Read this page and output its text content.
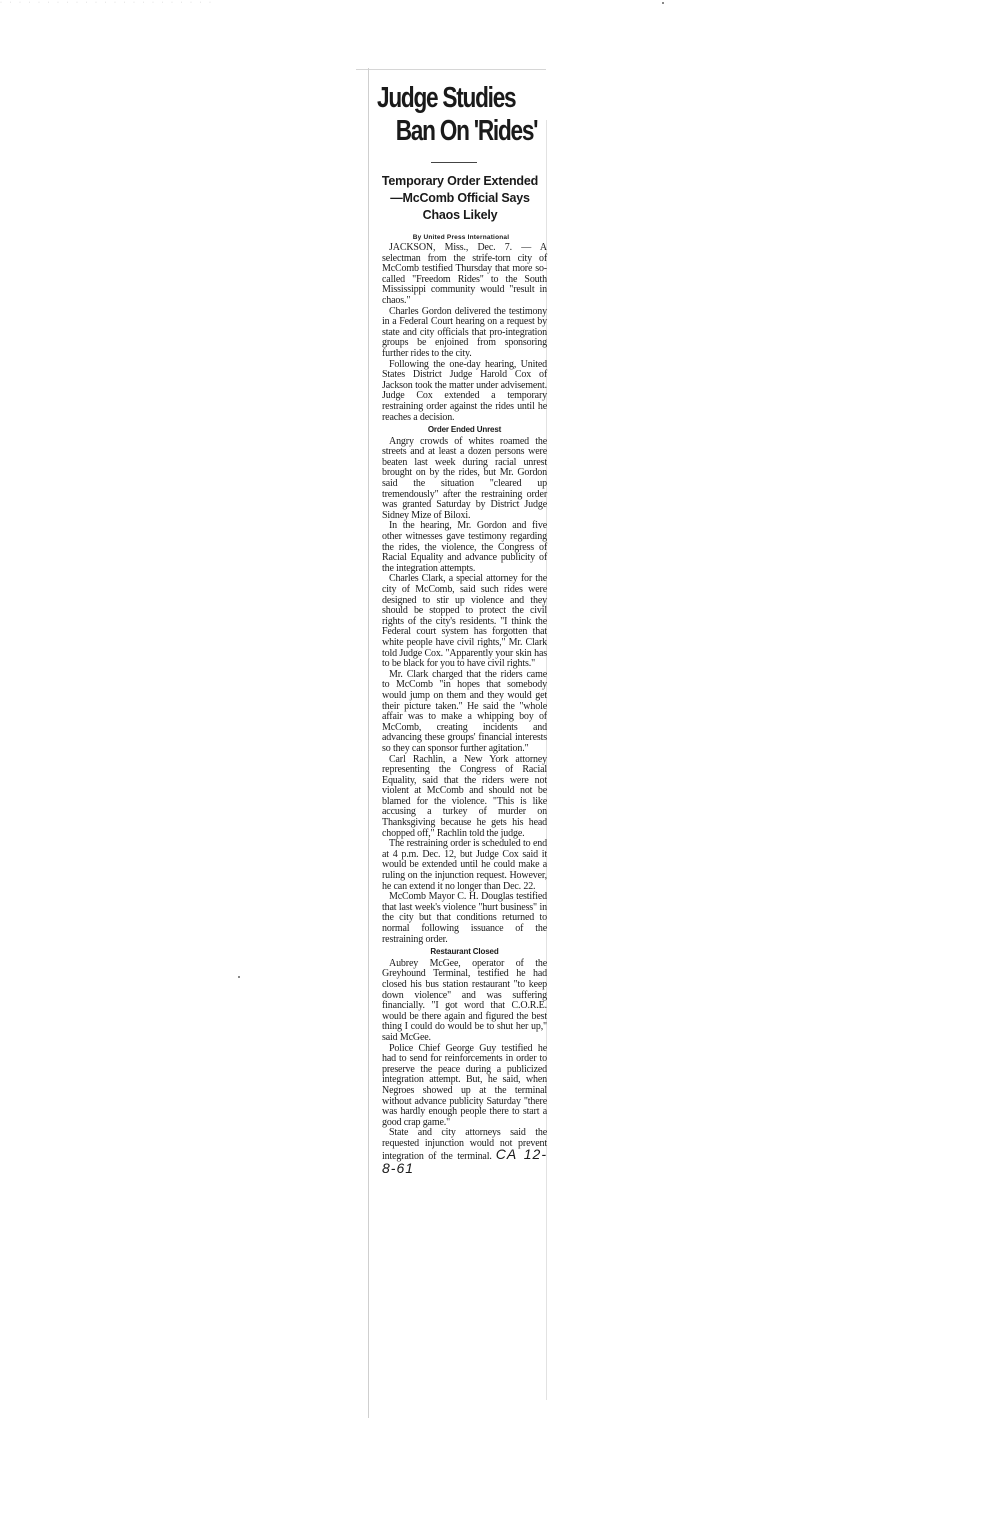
· · · · · · · · · · · · · · · · · · · · · · ·
Judge Studies
Ban On 'Rides'
Temporary Order Extended —McComb Official Says Chaos Likely
By United Press International

JACKSON, Miss., Dec. 7. — A selectman from the strife-torn city of McComb testified Thursday that more so-called "Freedom Rides" to the South Mississippi community would "result in chaos."

Charles Gordon delivered the testimony in a Federal Court hearing on a request by state and city officials that pro-integration groups be enjoined from sponsoring further rides to the city.

Following the one-day hearing, United States District Judge Harold Cox of Jackson took the matter under advisement. Judge Cox extended a temporary restraining order against the rides until he reaches a decision.

Order Ended Unrest

Angry crowds of whites roamed the streets and at least a dozen persons were beaten last week during racial unrest brought on by the rides, but Mr. Gordon said the situation "cleared up tremendously" after the restraining order was granted Saturday by District Judge Sidney Mize of Biloxi.

In the hearing, Mr. Gordon and five other witnesses gave testimony regarding the rides, the violence, the Congress of Racial Equality and advance publicity of the integration attempts.

Charles Clark, a special attorney for the city of McComb, said such rides were designed to stir up violence and they should be stopped to protect the civil rights of the city's residents. "I think the Federal court system has forgotten that white people have civil rights," Mr. Clark told Judge Cox. "Apparently your skin has to be black for you to have civil rights."

Mr. Clark charged that the riders came to McComb "in hopes that somebody would jump on them and they would get their picture taken." He said the "whole affair was to make a whipping boy of McComb, creating incidents and advancing these groups' financial interests so they can sponsor further agitation."

Carl Rachlin, a New York attorney representing the Congress of Racial Equality, said that the riders were not violent at McComb and should not be blamed for the violence. "This is like accusing a turkey of murder on Thanksgiving because he gets his head chopped off," Rachlin told the judge.

The restraining order is scheduled to end at 4 p.m. Dec. 12, but Judge Cox said it would be extended until he could make a ruling on the injunction request. However, he can extend it no longer than Dec. 22.

McComb Mayor C. H. Douglas testified that last week's violence "hurt business" in the city but that conditions returned to normal following issuance of the restraining order.

Restaurant Closed

Aubrey McGee, operator of the Greyhound Terminal, testified he had closed his bus station restaurant "to keep down violence" and was suffering financially. "I got word that C.O.R.E. would be there again and figured the best thing I could do would be to shut her up," said McGee.

Police Chief George Guy testified he had to send for reinforcements in order to preserve the peace during a publicized integration attempt. But, he said, when Negroes showed up at the terminal without advance publicity Saturday "there was hardly enough people there to start a good crap game."

State and city attorneys said the requested injunction would not prevent integration of the terminal. CA 12-8-61
